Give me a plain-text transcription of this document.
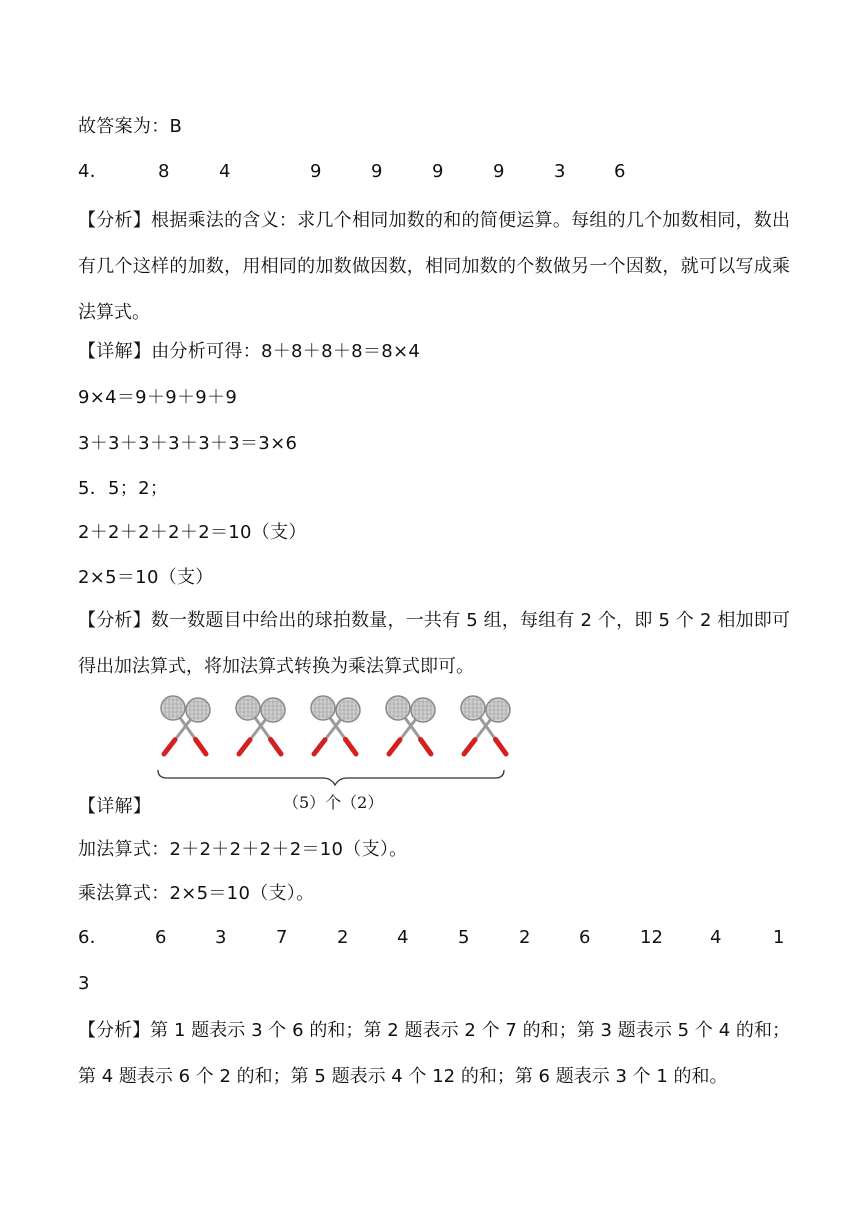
故答案为：B
4．	8	4	9	9	9	9	3	6
【分析】根据乘法的含义：求几个相同加数的和的简便运算。每组的几个加数相同，数出有几个这样的加数，用相同的加数做因数，相同加数的个数做另一个因数，就可以写成乘法算式。
【详解】由分析可得：8＋8＋8＋8＝8×4
9×4＝9＋9＋9＋9
3＋3＋3＋3＋3＋3＝3×6
5．5；2；
2＋2＋2＋2＋2＝10（支）
2×5＝10（支）
【分析】数一数题目中给出的球拍数量，一共有 5 组，每组有 2 个，即 5 个 2 相加即可得出加法算式，将加法算式转换为乘法算式即可。
（5）个（2）
【详解】
加法算式：2＋2＋2＋2＋2＝10（支）。
乘法算式：2×5＝10（支）。
6．	6	3	7	2	4	5	2	6	12	4	1
3
【分析】第 1 题表示 3 个 6 的和；第 2 题表示 2 个 7 的和；第 3 题表示 5 个 4 的和；第 4 题表示 6 个 2 的和；第 5 题表示 4 个 12 的和；第 6 题表示 3 个 1 的和。
